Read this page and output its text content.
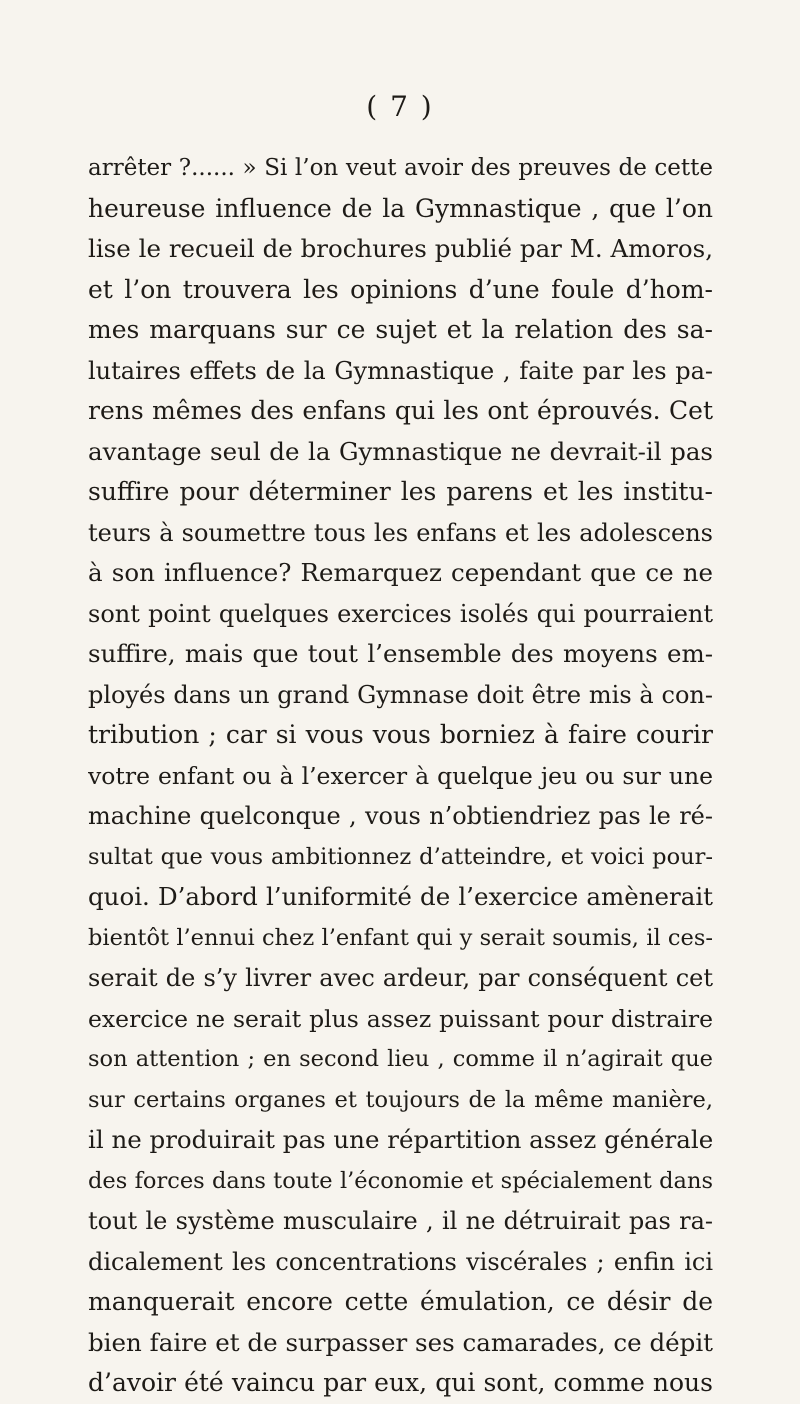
( 7 )
arrêter ?...... » Si l’on veut avoir des preuves de cette
heureuse influence de la Gymnastique , que l’on
lise le recueil de brochures publié par M. Amoros,
et l’on trouvera les opinions d’une foule d’hom-
mes marquans sur ce sujet et la relation des sa-
lutaires effets de la Gymnastique , faite par les pa-
rens mêmes des enfans qui les ont éprouvés. Cet
avantage seul de la Gymnastique ne devrait-il pas
suffire pour déterminer les parens et les institu-
teurs à soumettre tous les enfans et les adolescens
à son influence? Remarquez cependant que ce ne
sont point quelques exercices isolés qui pourraient
suffire, mais que tout l’ensemble des moyens em-
ployés dans un grand Gymnase doit être mis à con-
tribution ; car si vous vous borniez à faire courir
votre enfant ou à l’exercer à quelque jeu ou sur une
machine quelconque , vous n’obtiendriez pas le ré-
sultat que vous ambitionnez d’atteindre, et voici pour-
quoi. D’abord l’uniformité de l’exercice amènerait
bientôt l’ennui chez l’enfant qui y serait soumis, il ces-
serait de s’y livrer avec ardeur, par conséquent cet
exercice ne serait plus assez puissant pour distraire
son attention ; en second lieu , comme il n’agirait que
sur certains organes et toujours de la même manière,
il ne produirait pas une répartition assez générale
des forces dans toute l’économie et spécialement dans
tout le système musculaire , il ne détruirait pas ra-
dicalement les concentrations viscérales ; enfin ici
manquerait encore cette émulation, ce désir de
bien faire et de surpasser ses camarades, ce dépit
d’avoir été vaincu par eux, qui sont, comme nous
